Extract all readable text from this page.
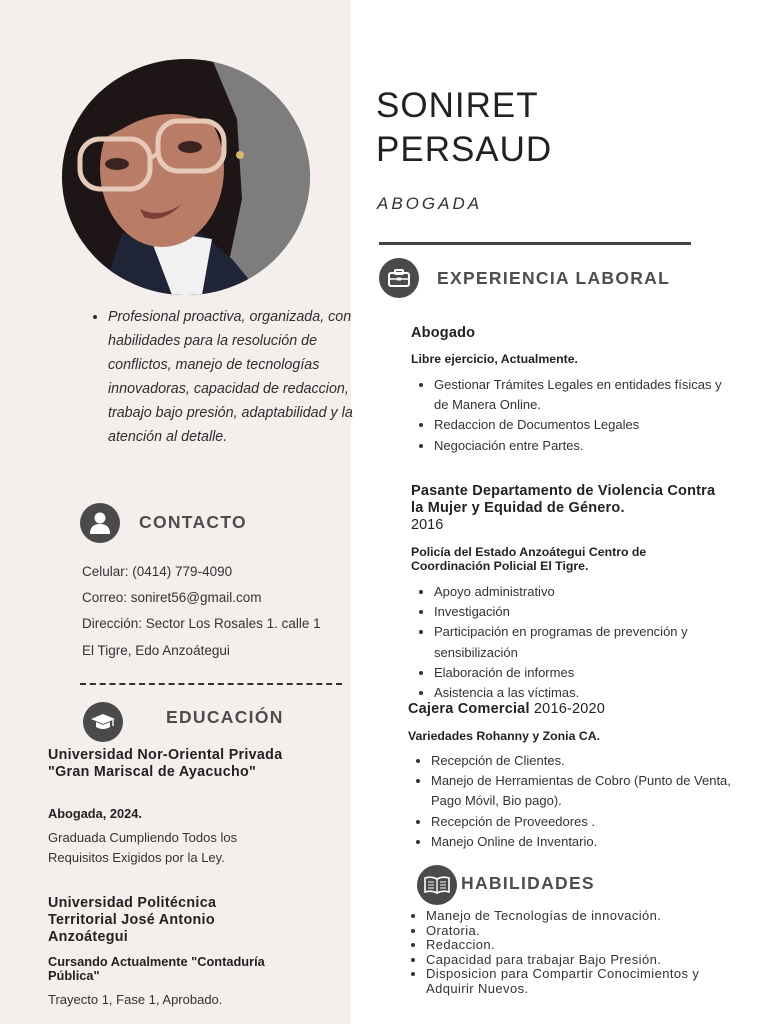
• Profesional proactiva, organizada, con habilidades para la resolución de conflictos, manejo de tecnologías innovadoras, capacidad de redaccion, trabajo bajo presión, adaptabilidad y la atención al detalle.
CONTACTO
Celular: (0414) 779-4090
Correo: soniret56@gmail.com
Dirección: Sector Los Rosales 1. calle 1
El Tigre, Edo Anzoátegui
EDUCACIÓN
Universidad Nor-Oriental Privada "Gran Mariscal de Ayacucho"
Abogada, 2024.
Graduada Cumpliendo Todos los Requisitos Exigidos por la Ley.
Universidad Politécnica Territorial José Antonio Anzoátegui
Cursando Actualmente "Contaduría Pública"
Trayecto 1, Fase 1, Aprobado.
SONIRET
PERSAUD
ABOGADA
EXPERIENCIA LABORAL
Abogado
Libre ejercicio, Actualmente.
• Gestionar Trámites Legales en entidades físicas y de Manera Online.
• Redaccion de Documentos Legales
• Negociación entre Partes.
Pasante Departamento de Violencia Contra la Mujer y Equidad de Género.
2016
Policía del Estado Anzoátegui Centro de Coordinación Policial El Tigre.
• Apoyo administrativo
• Investigación
• Participación en programas de prevención y sensibilización
• Elaboración de informes
• Asistencia a las víctimas.
Cajera Comercial 2016-2020
Variedades Rohanny y Zonia CA.
• Recepción de Clientes.
• Manejo de Herramientas de Cobro (Punto de Venta, Pago Móvil, Bio pago).
• Recepción de Proveedores .
• Manejo Online de Inventario.
HABILIDADES
• Manejo de Tecnologías de innovación.
• Oratoria.
• Redaccion.
• Capacidad para trabajar Bajo Presión.
• Disposicion para Compartir Conocimientos y Adquirir Nuevos.
